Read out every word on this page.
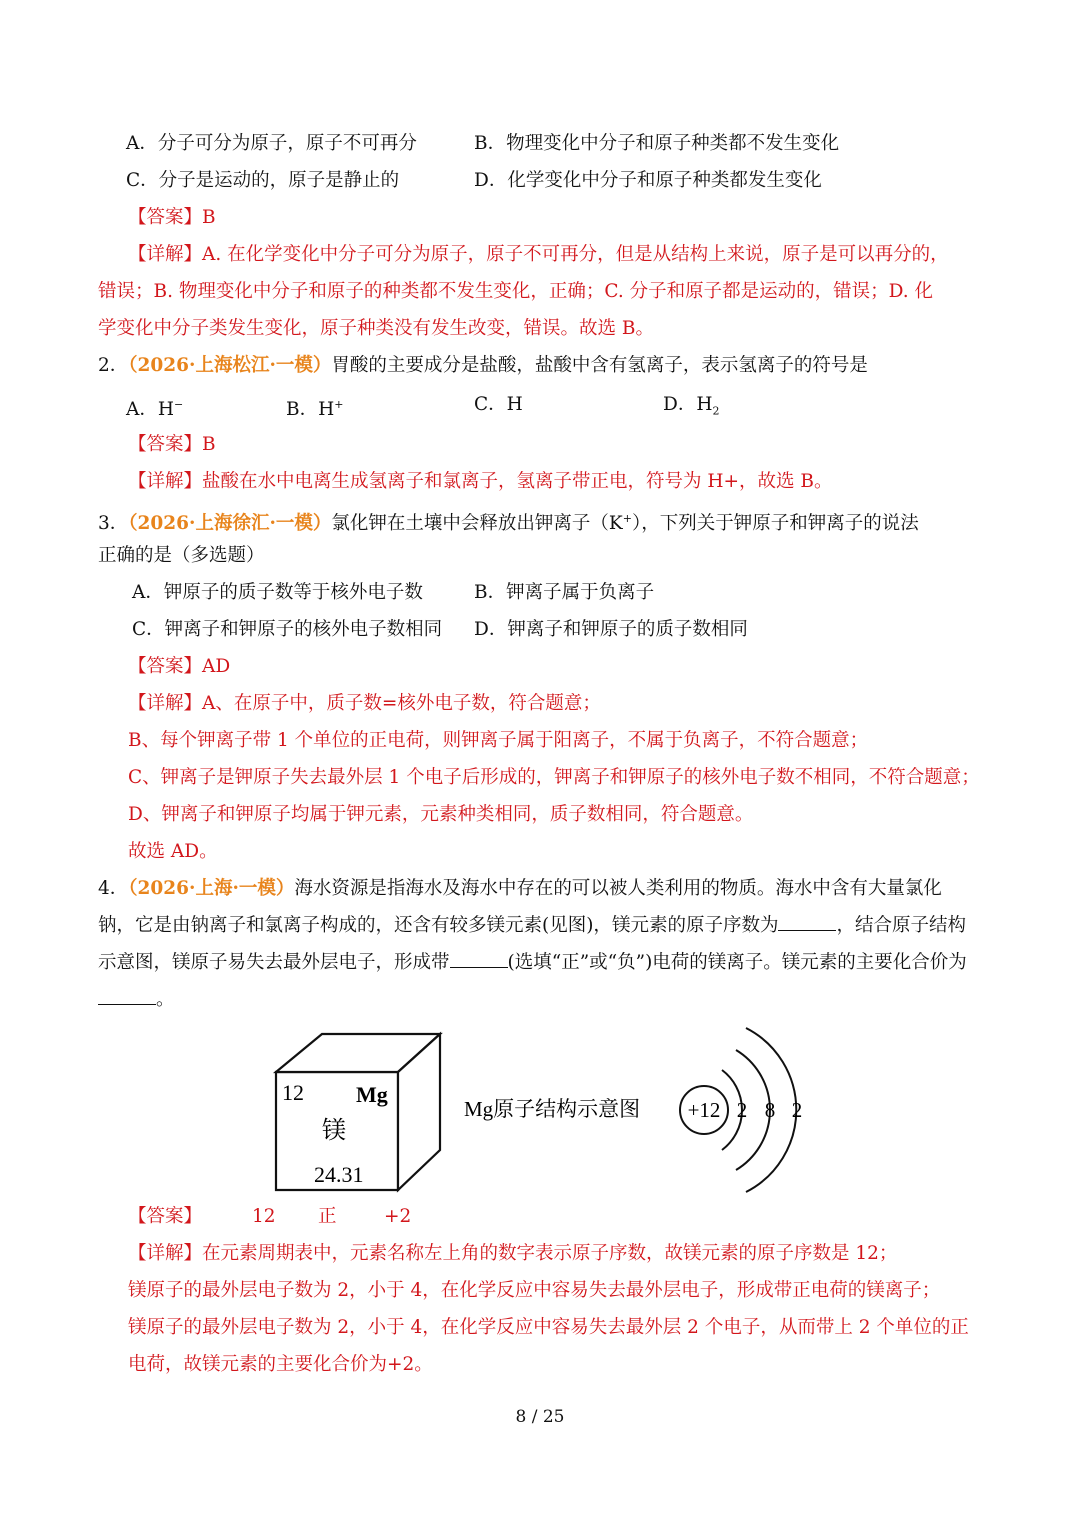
A．分子可分为原子，原子不可再分	B．物理变化中分子和原子种类都不发生变化
C．分子是运动的，原子是静止的	D．化学变化中分子和原子种类都发生变化
【答案】B
【详解】A. 在化学变化中分子可分为原子，原子不可再分，但是从结构上来说，原子是可以再分的，
错误；B. 物理变化中分子和原子的种类都不发生变化，正确；C. 分子和原子都是运动的，错误；D. 化
学变化中分子类发生变化，原子种类没有发生改变，错误。故选 B。
2．（2026·上海松江·一模）胃酸的主要成分是盐酸，盐酸中含有氢离子，表示氢离子的符号是
A．H−	B．H+	C．H	D．$H_2$
【答案】B
【详解】盐酸在水中电离生成氢离子和氯离子，氢离子带正电，符号为 H+，故选 B。
3．（2026·上海徐汇·一模）氯化钾在土壤中会释放出钾离子（K+），下列关于钾原子和钾离子的说法
正确的是（多选题）
A．钾原子的质子数等于核外电子数	B．钾离子属于负离子
C．钾离子和钾原子的核外电子数相同 D．钾离子和钾原子的质子数相同
【答案】AD
【详解】A、在原子中，质子数=核外电子数，符合题意；
B、每个钾离子带 1 个单位的正电荷，则钾离子属于阳离子，不属于负离子，不符合题意；
C、钾离子是钾原子失去最外层 1 个电子后形成的，钾离子和钾原子的核外电子数不相同，不符合题意；
D、钾离子和钾原子均属于钾元素，元素种类相同，质子数相同，符合题意。
故选 AD。
4．（2026·上海·一模）海水资源是指海水及海水中存在的可以被人类利用的物质。海水中含有大量氯化
钠，它是由钠离子和氯离子构成的，还含有较多镁元素(见图)，镁元素的原子序数为	，结合原子结构
示意图，镁原子易失去最外层电子，形成带	(选填“正”或“负”)电荷的镁离子。镁元素的主要化合价为
。
12 Mg
镁
24.31
Mg原子结构示意图 +12 2 8 2
【答案】	12 正	+2
【详解】在元素周期表中，元素名称左上角的数字表示原子序数，故镁元素的原子序数是 12；
镁原子的最外层电子数为 2，小于 4，在化学反应中容易失去最外层电子，形成带正电荷的镁离子；
镁原子的最外层电子数为 2，小于 4，在化学反应中容易失去最外层 2 个电子，从而带上 2 个单位的正
电荷，故镁元素的主要化合价为+2。
8 / 25
